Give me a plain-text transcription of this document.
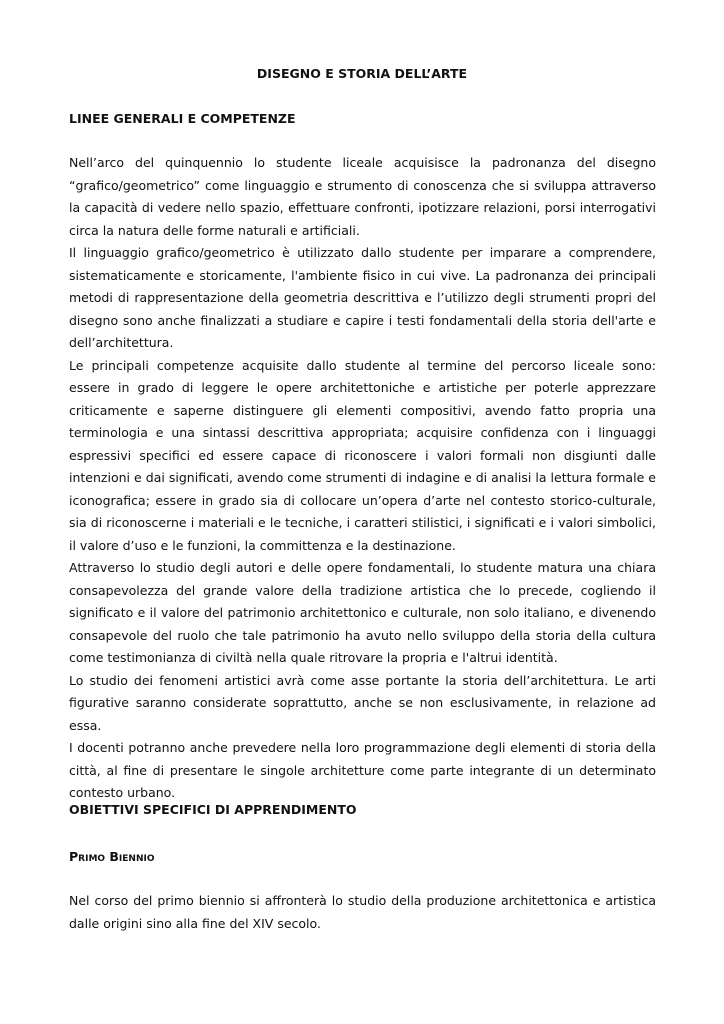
DISEGNO E STORIA DELL’ARTE
LINEE GENERALI E COMPETENZE

Nell’arco del quinquennio lo studente liceale acquisisce la padronanza del disegno “grafico/geometrico” come linguaggio e strumento di conoscenza che si sviluppa attraverso la capacità di vedere nello spazio, effettuare confronti, ipotizzare relazioni, porsi interrogativi circa la natura delle forme naturali e artificiali.

Il linguaggio grafico/geometrico è utilizzato dallo studente per imparare a comprendere, sistematicamente e storicamente, l'ambiente fisico in cui vive. La padronanza dei principali metodi di rappresentazione della geometria descrittiva e l’utilizzo degli strumenti propri del disegno sono anche finalizzati a studiare e capire i testi fondamentali della storia dell'arte e dell’architettura.

Le principali competenze acquisite dallo studente al termine del percorso liceale sono: essere in grado di leggere le opere architettoniche e artistiche per poterle apprezzare criticamente e saperne distinguere gli elementi compositivi, avendo fatto propria una terminologia e una sintassi descrittiva appropriata; acquisire confidenza con i linguaggi espressivi specifici ed essere capace di riconoscere i valori formali non disgiunti dalle intenzioni e dai significati, avendo come strumenti di indagine e di analisi la lettura formale e iconografica; essere in grado sia di collocare un’opera d’arte nel contesto storico-culturale, sia di riconoscerne i materiali e le tecniche, i caratteri stilistici, i significati e i valori simbolici, il valore d’uso e le funzioni, la committenza e la destinazione.

Attraverso lo studio degli autori e delle opere fondamentali, lo studente matura una chiara consapevolezza del grande valore della tradizione artistica che lo precede, cogliendo il significato e il valore del patrimonio architettonico e culturale, non solo italiano, e divenendo consapevole del ruolo che tale patrimonio ha avuto nello sviluppo della storia della cultura come testimonianza di civiltà nella quale ritrovare la propria e l'altrui identità.

Lo studio dei fenomeni artistici avrà come asse portante la storia dell’architettura. Le arti figurative saranno considerate soprattutto, anche se non esclusivamente, in relazione ad essa.

I docenti potranno anche prevedere nella loro programmazione degli elementi di storia della città, al fine di presentare le singole architetture come parte integrante di un determinato contesto urbano.

OBIETTIVI SPECIFICI DI APPRENDIMENTO
Primo Biennio

Nel corso del primo biennio si affronterà lo studio della produzione architettonica e artistica dalle origini sino alla fine del XIV secolo.
